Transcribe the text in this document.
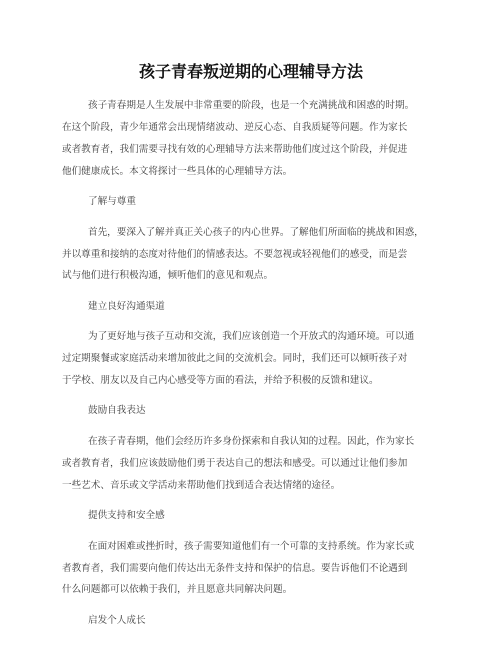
孩子青春叛逆期的心理辅导方法

孩子青春期是人生发展中非常重要的阶段，也是一个充满挑战和困惑的时期。

在这个阶段，青少年通常会出现情绪波动、逆反心态、自我质疑等问题。作为家长

或者教育者，我们需要寻找有效的心理辅导方法来帮助他们度过这个阶段，并促进

他们健康成长。本文将探讨一些具体的心理辅导方法。

了解与尊重

首先，要深入了解并真正关心孩子的内心世界。了解他们所面临的挑战和困惑，

并以尊重和接纳的态度对待他们的情感表达。不要忽视或轻视他们的感受，而是尝

试与他们进行积极沟通，倾听他们的意见和观点。

建立良好沟通渠道

为了更好地与孩子互动和交流，我们应该创造一个开放式的沟通环境。可以通

过定期聚餐或家庭活动来增加彼此之间的交流机会。同时，我们还可以倾听孩子对

于学校、朋友以及自己内心感受等方面的看法，并给予积极的反馈和建议。

鼓励自我表达

在孩子青春期，他们会经历许多身份探索和自我认知的过程。因此，作为家长

或者教育者，我们应该鼓励他们勇于表达自己的想法和感受。可以通过让他们参加

一些艺术、音乐或文学活动来帮助他们找到适合表达情绪的途径。

提供支持和安全感

在面对困难或挫折时，孩子需要知道他们有一个可靠的支持系统。作为家长或

者教育者，我们需要向他们传达出无条件支持和保护的信息。要告诉他们不论遇到

什么问题都可以依赖于我们，并且愿意共同解决问题。

启发个人成长
